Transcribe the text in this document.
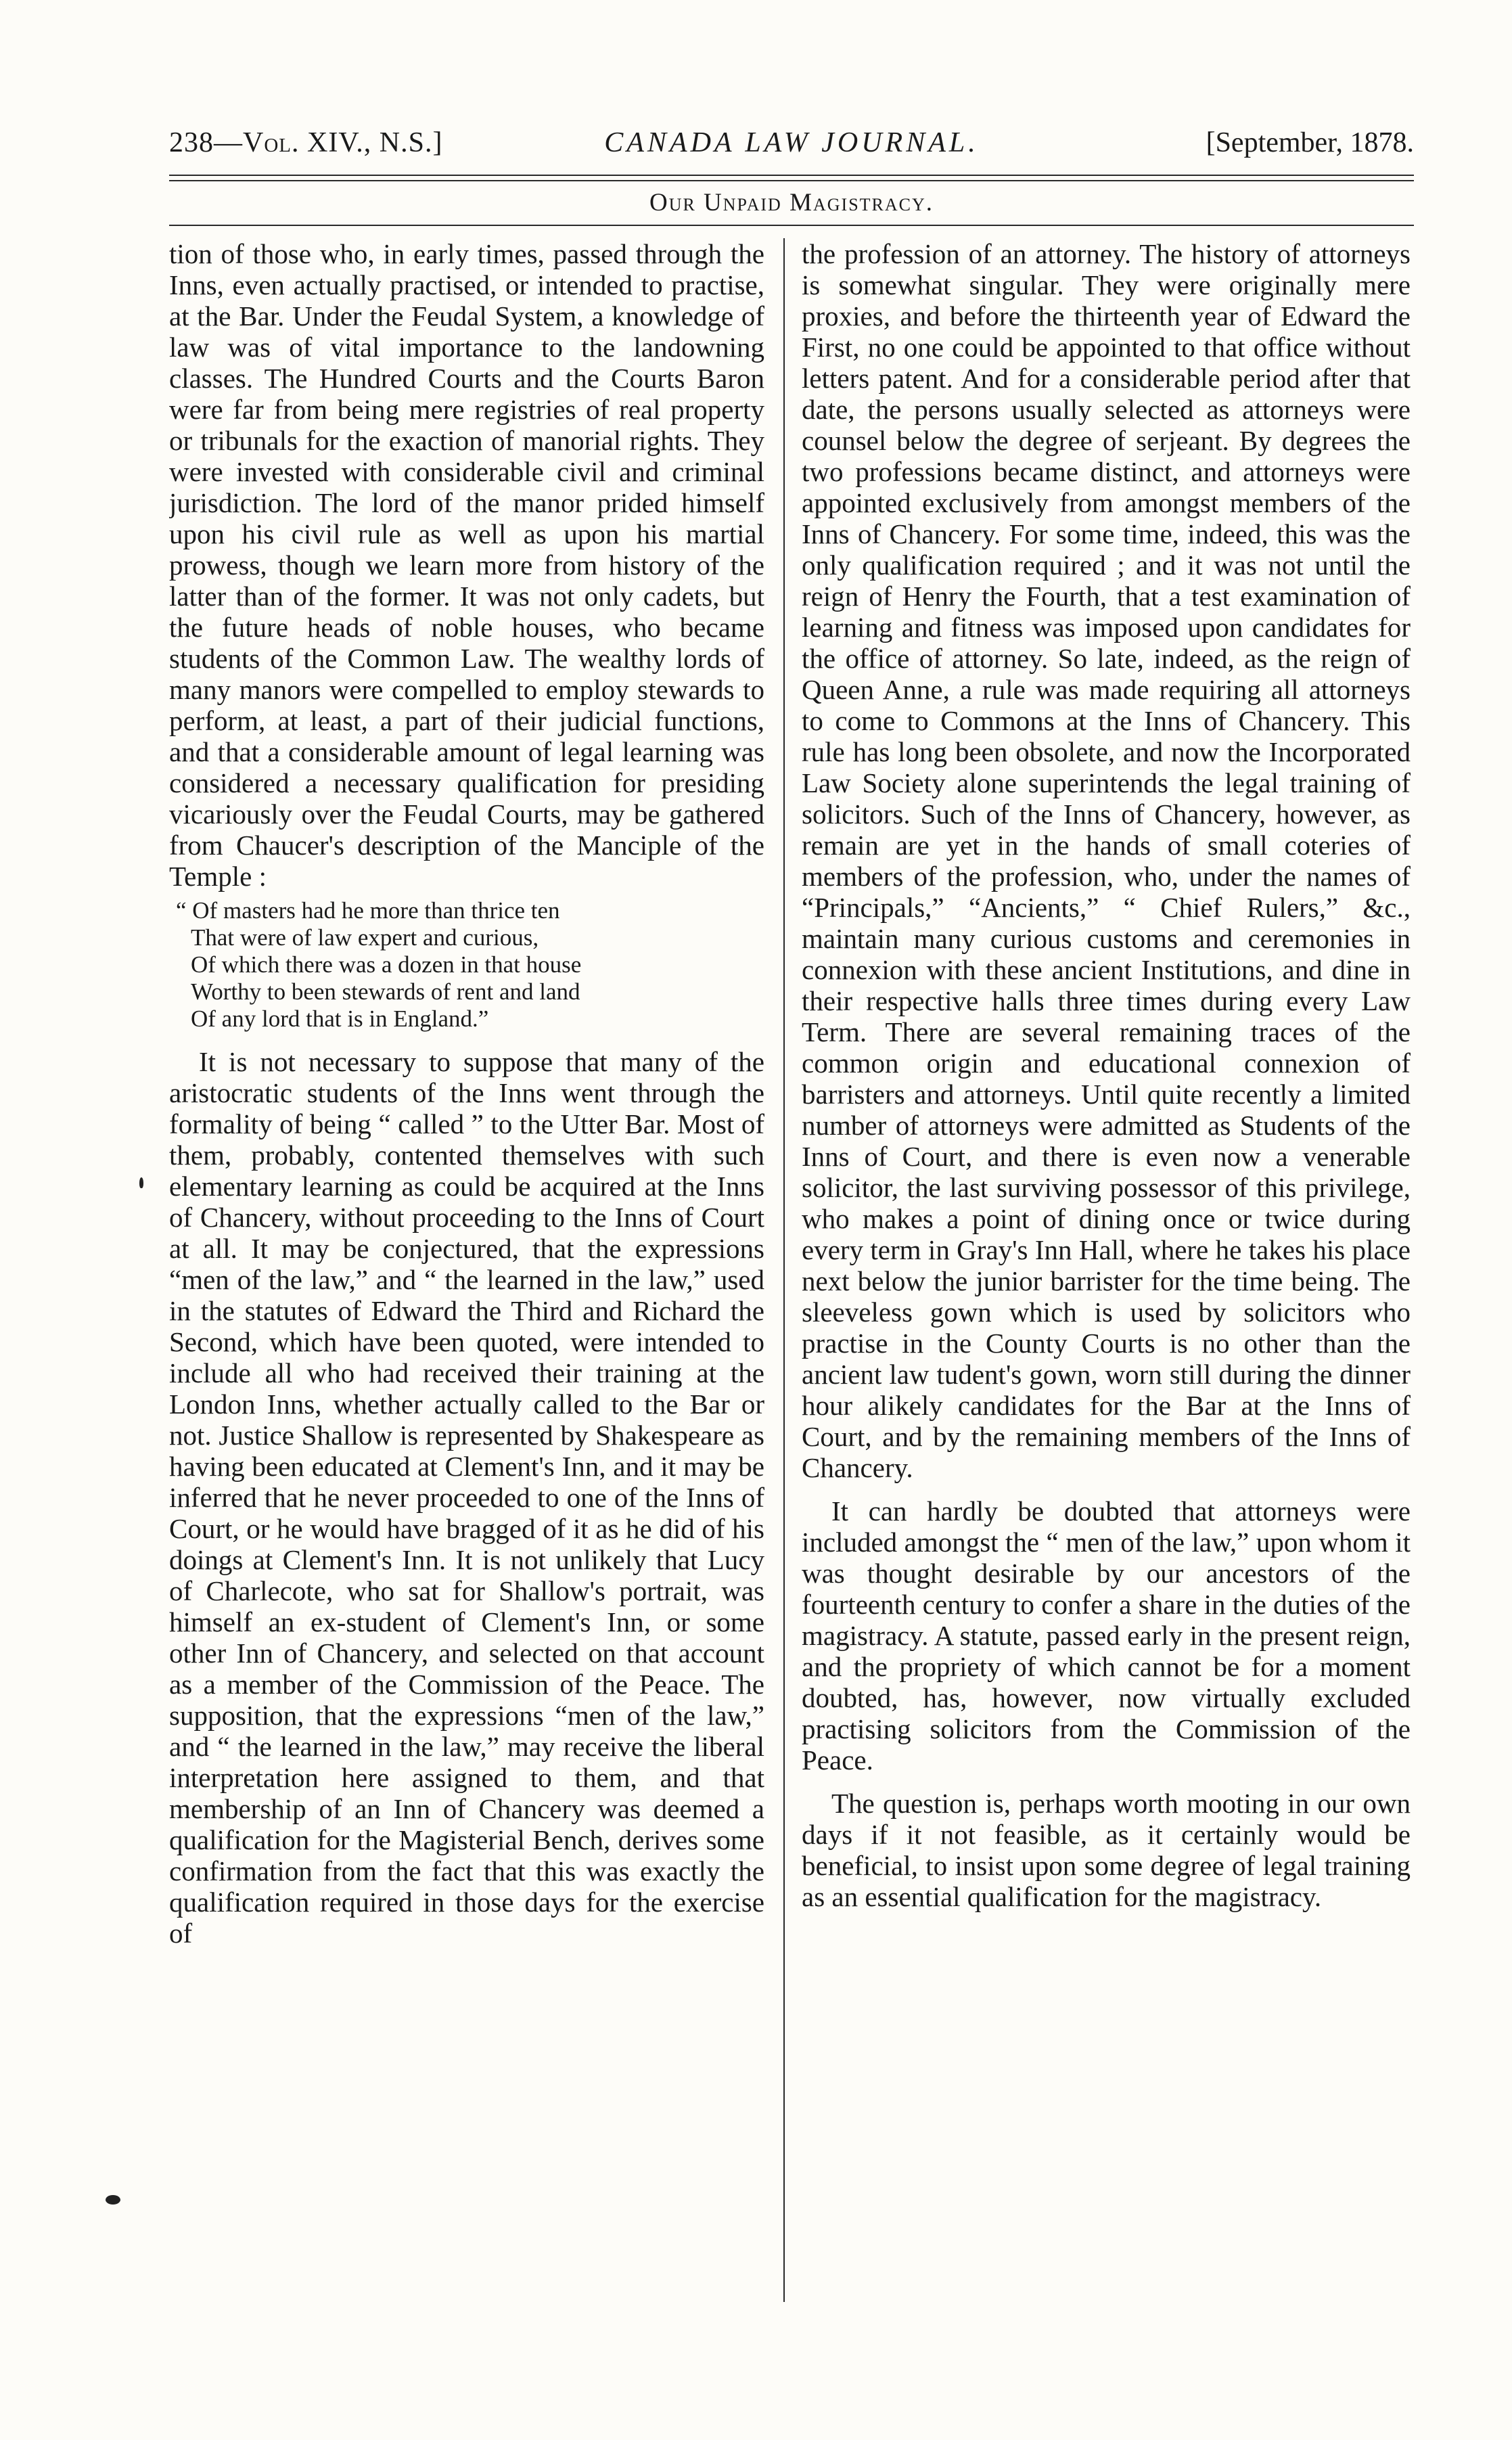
238—Vol. XIV., N.S.]	CANADA LAW JOURNAL.	[September, 1878.
Our Unpaid Magistracy.

tion of those who, in early times, passed through the Inns, even actually practised, or intended to practise, at the Bar. Under the Feudal System, a knowledge of law was of vital importance to the landowning classes. The Hundred Courts and the Courts Baron were far from being mere registries of real property or tribunals for the exaction of manorial rights. They were invested with considerable civil and criminal jurisdiction. The lord of the manor prided himself upon his civil rule as well as upon his martial prowess, though we learn more from history of the latter than of the former. It was not only cadets, but the future heads of noble houses, who became students of the Common Law. The wealthy lords of many manors were compelled to employ stewards to perform, at least, a part of their judicial functions, and that a considerable amount of legal learning was considered a necessary qualification for presiding vicariously over the Feudal Courts, may be gathered from Chaucer's description of the Manciple of the Temple :

“ Of masters had he more than thrice ten
That were of law expert and curious,
Of which there was a dozen in that house
Worthy to been stewards of rent and land
Of any lord that is in England.”

It is not necessary to suppose that many of the aristocratic students of the Inns went through the formality of being “ called ” to the Utter Bar. Most of them, probably, contented themselves with such elementary learning as could be acquired at the Inns of Chancery, without proceeding to the Inns of Court at all. It may be conjectured, that the expressions “men of the law,” and “ the learned in the law,” used in the statutes of Edward the Third and Richard the Second, which have been quoted, were intended to include all who had received their training at the London Inns, whether actually called to the Bar or not. Justice Shallow is represented by Shakespeare as having been educated at Clement's Inn, and it may be inferred that he never proceeded to one of the Inns of Court, or he would have bragged of it as he did of his doings at Clement's Inn. It is not unlikely that Lucy of Charlecote, who sat for Shallow's portrait, was himself an ex-student of Clement's Inn, or some other Inn of Chancery, and selected on that account as a member of the Commission of the Peace. The supposition, that the expressions “men of the law,” and “ the learned in the law,” may receive the liberal interpretation here assigned to them, and that membership of an Inn of Chancery was deemed a qualification for the Magisterial Bench, derives some confirmation from the fact that this was exactly the qualification required in those days for the exercise of

the profession of an attorney. The history of attorneys is somewhat singular. They were originally mere proxies, and before the thirteenth year of Edward the First, no one could be appointed to that office without letters patent. And for a considerable period after that date, the persons usually selected as attorneys were counsel below the degree of serjeant. By degrees the two professions became distinct, and attorneys were appointed exclusively from amongst members of the Inns of Chancery. For some time, indeed, this was the only qualification required ; and it was not until the reign of Henry the Fourth, that a test examination of learning and fitness was imposed upon candidates for the office of attorney. So late, indeed, as the reign of Queen Anne, a rule was made requiring all attorneys to come to Commons at the Inns of Chancery. This rule has long been obsolete, and now the Incorporated Law Society alone superintends the legal training of solicitors. Such of the Inns of Chancery, however, as remain are yet in the hands of small coteries of members of the profession, who, under the names of “Principals,” “Ancients,” “ Chief Rulers,” &c., maintain many curious customs and ceremonies in connexion with these ancient Institutions, and dine in their respective halls three times during every Law Term. There are several remaining traces of the common origin and educational connexion of barristers and attorneys. Until quite recently a limited number of attorneys were admitted as Students of the Inns of Court, and there is even now a venerable solicitor, the last surviving possessor of this privilege, who makes a point of dining once or twice during every term in Gray's Inn Hall, where he takes his place next below the junior barrister for the time being. The sleeveless gown which is used by solicitors who practise in the County Courts is no other than the ancient law tudent's gown, worn still during the dinner hour alikely candidates for the Bar at the Inns of Court, and by the remaining members of the Inns of Chancery.

It can hardly be doubted that attorneys were included amongst the “ men of the law,” upon whom it was thought desirable by our ancestors of the fourteenth century to confer a share in the duties of the magistracy. A statute, passed early in the present reign, and the propriety of which cannot be for a moment doubted, has, however, now virtually excluded practising solicitors from the Commission of the Peace.

The question is, perhaps worth mooting in our own days if it not feasible, as it certainly would be beneficial, to insist upon some degree of legal training as an essential qualification for the magistracy.
